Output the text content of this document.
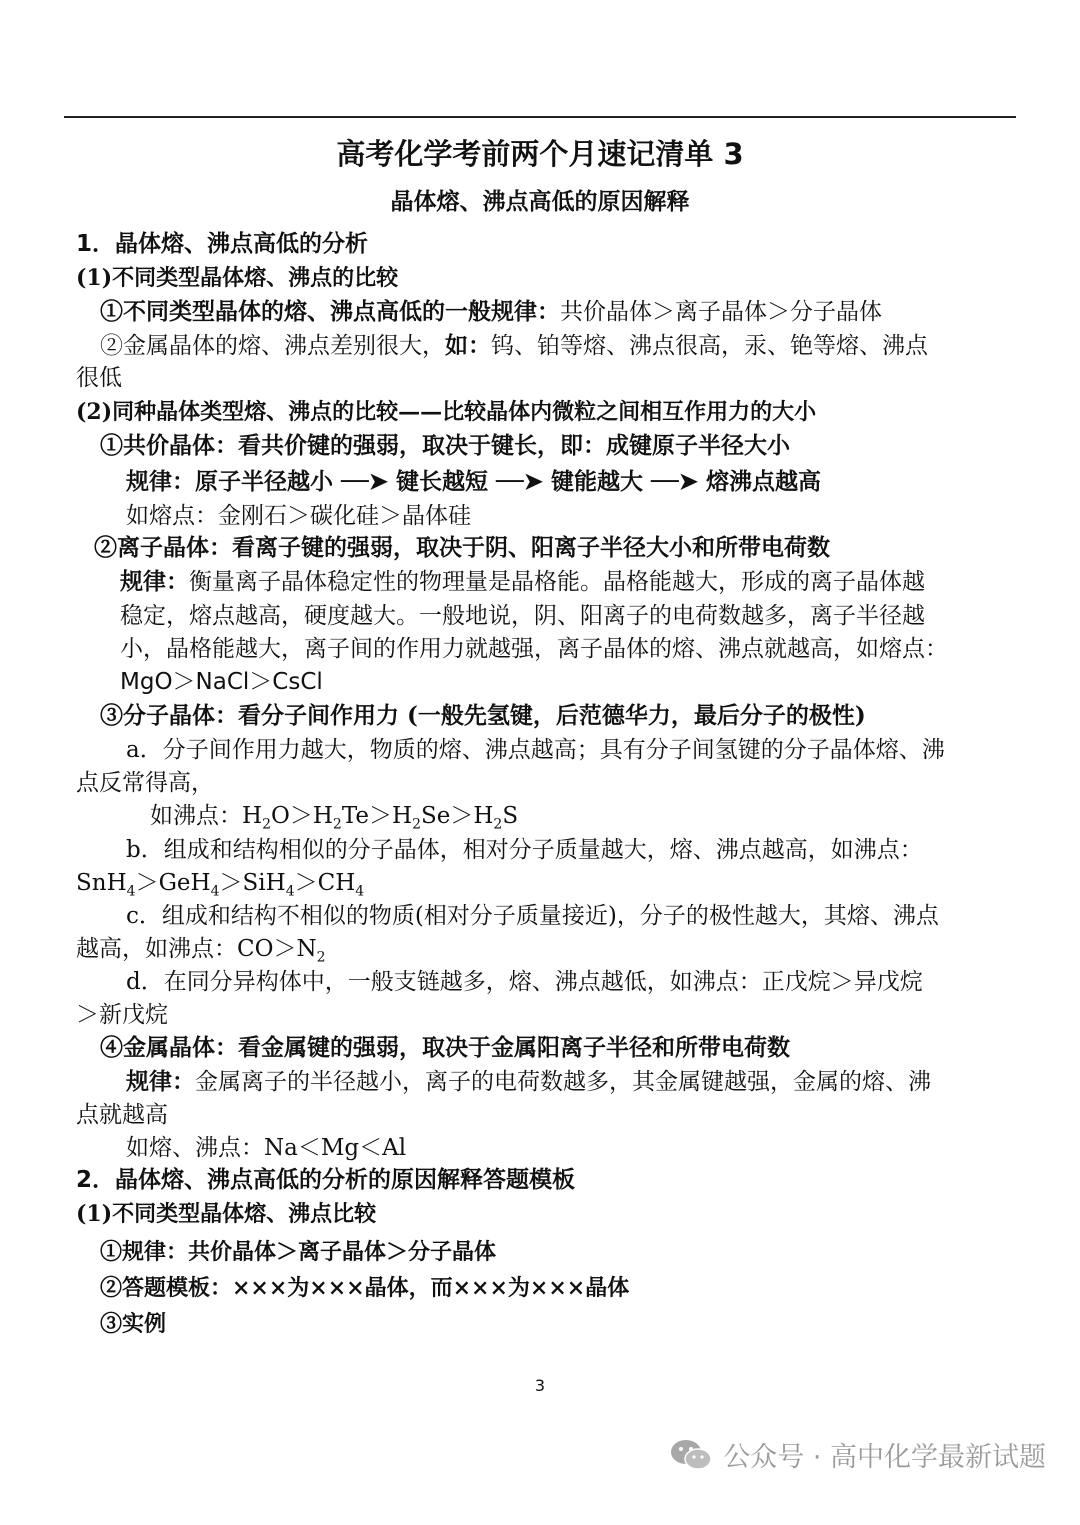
高考化学考前两个月速记清单 3
晶体熔、沸点高低的原因解释
1．晶体熔、沸点高低的分析
(1)不同类型晶体熔、沸点的比较
①不同类型晶体的熔、沸点高低的一般规律：共价晶体＞离子晶体＞分子晶体
②金属晶体的熔、沸点差别很大，如：钨、铂等熔、沸点很高，汞、铯等熔、沸点
很低
(2)同种晶体类型熔、沸点的比较——比较晶体内微粒之间相互作用力的大小
①共价晶体：看共价键的强弱，取决于键长，即：成键原子半径大小
规律：原子半径越小 ──➤ 键长越短 ──➤ 键能越大 ──➤ 熔沸点越高
如熔点：金刚石＞碳化硅＞晶体硅
②离子晶体：看离子键的强弱，取决于阴、阳离子半径大小和所带电荷数
规律：衡量离子晶体稳定性的物理量是晶格能。晶格能越大，形成的离子晶体越
稳定，熔点越高，硬度越大。一般地说，阴、阳离子的电荷数越多，离子半径越
小，晶格能越大，离子间的作用力就越强，离子晶体的熔、沸点就越高，如熔点：
MgO＞NaCl＞CsCl
③分子晶体：看分子间作用力 (一般先氢键，后范德华力，最后分子的极性)
a．分子间作用力越大，物质的熔、沸点越高；具有分子间氢键的分子晶体熔、沸
点反常得高，
如沸点：$H_2O>H_2Te>H_2Se>H_2S$
b．组成和结构相似的分子晶体，相对分子质量越大，熔、沸点越高，如沸点：
$SnH_4>GeH_4>SiH_4>CH_4$
c．组成和结构不相似的物质(相对分子质量接近)，分子的极性越大，其熔、沸点
越高，如沸点：$CO>N_2$
d．在同分异构体中，一般支链越多，熔、沸点越低，如沸点：正戊烷＞异戊烷
＞新戊烷
④金属晶体：看金属键的强弱，取决于金属阳离子半径和所带电荷数
规律：金属离子的半径越小，离子的电荷数越多，其金属键越强，金属的熔、沸
点就越高
如熔、沸点：Na＜Mg＜Al
2．晶体熔、沸点高低的分析的原因解释答题模板
(1)不同类型晶体熔、沸点比较
①规律：共价晶体＞离子晶体＞分子晶体
②答题模板：×××为×××晶体，而×××为×××晶体
③实例
3
公众号 · 高中化学最新试题
